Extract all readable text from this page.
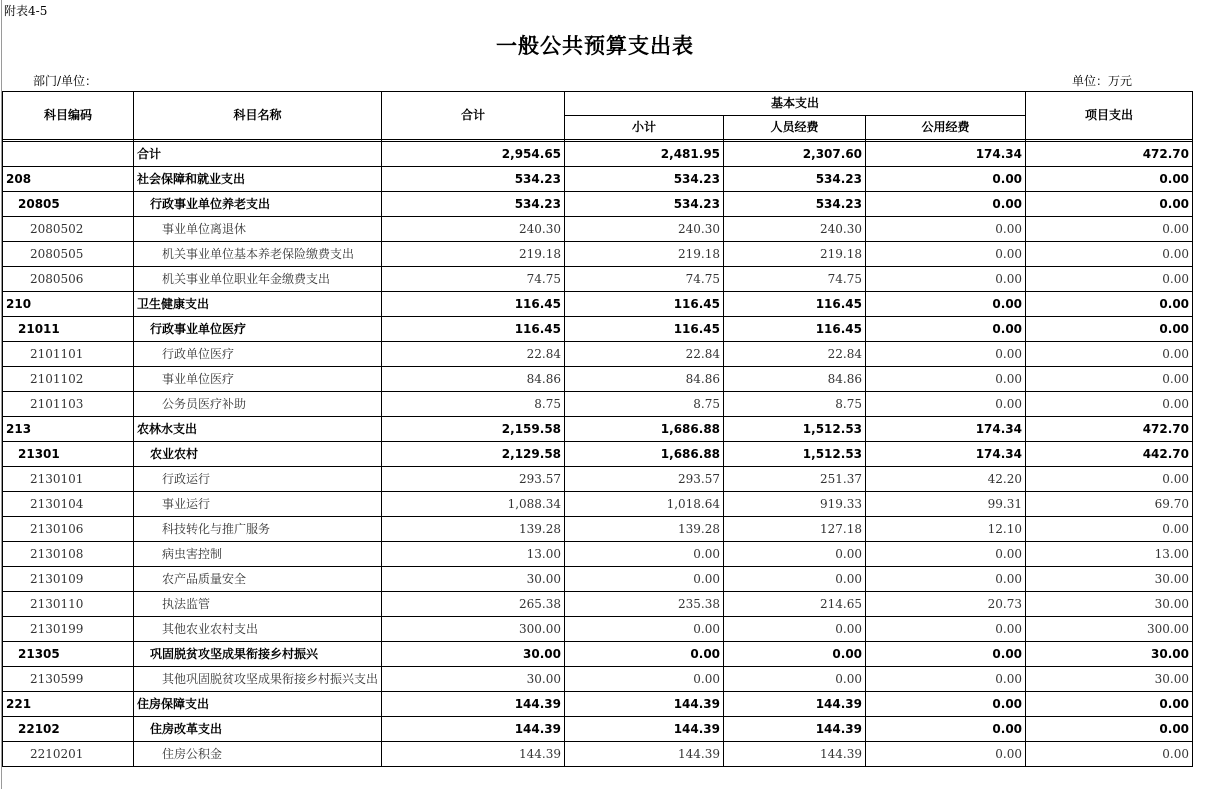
附表4-5
一般公共预算支出表
部门/单位：	单位：万元
科目编码	科目名称	合计	基本支出			项目支出
			小计	人员经费	公用经费	

	合计	2,954.65	2,481.95	2,307.60	174.34	472.70
208	社会保障和就业支出	534.23	534.23	534.23	0.00	0.00
20805	行政事业单位养老支出	534.23	534.23	534.23	0.00	0.00
2080502	事业单位离退休	240.30	240.30	240.30	0.00	0.00
2080505	机关事业单位基本养老保险缴费支出	219.18	219.18	219.18	0.00	0.00
2080506	机关事业单位职业年金缴费支出	74.75	74.75	74.75	0.00	0.00
210	卫生健康支出	116.45	116.45	116.45	0.00	0.00
21011	行政事业单位医疗	116.45	116.45	116.45	0.00	0.00
2101101	行政单位医疗	22.84	22.84	22.84	0.00	0.00
2101102	事业单位医疗	84.86	84.86	84.86	0.00	0.00
2101103	公务员医疗补助	8.75	8.75	8.75	0.00	0.00
213	农林水支出	2,159.58	1,686.88	1,512.53	174.34	472.70
21301	农业农村	2,129.58	1,686.88	1,512.53	174.34	442.70
2130101	行政运行	293.57	293.57	251.37	42.20	0.00
2130104	事业运行	1,088.34	1,018.64	919.33	99.31	69.70
2130106	科技转化与推广服务	139.28	139.28	127.18	12.10	0.00
2130108	病虫害控制	13.00	0.00	0.00	0.00	13.00
2130109	农产品质量安全	30.00	0.00	0.00	0.00	30.00
2130110	执法监管	265.38	235.38	214.65	20.73	30.00
2130199	其他农业农村支出	300.00	0.00	0.00	0.00	300.00
21305	巩固脱贫攻坚成果衔接乡村振兴	30.00	0.00	0.00	0.00	30.00
2130599	其他巩固脱贫攻坚成果衔接乡村振兴支出	30.00	0.00	0.00	0.00	30.00
221	住房保障支出	144.39	144.39	144.39	0.00	0.00
22102	住房改革支出	144.39	144.39	144.39	0.00	0.00
2210201	住房公积金	144.39	144.39	144.39	0.00	0.00
